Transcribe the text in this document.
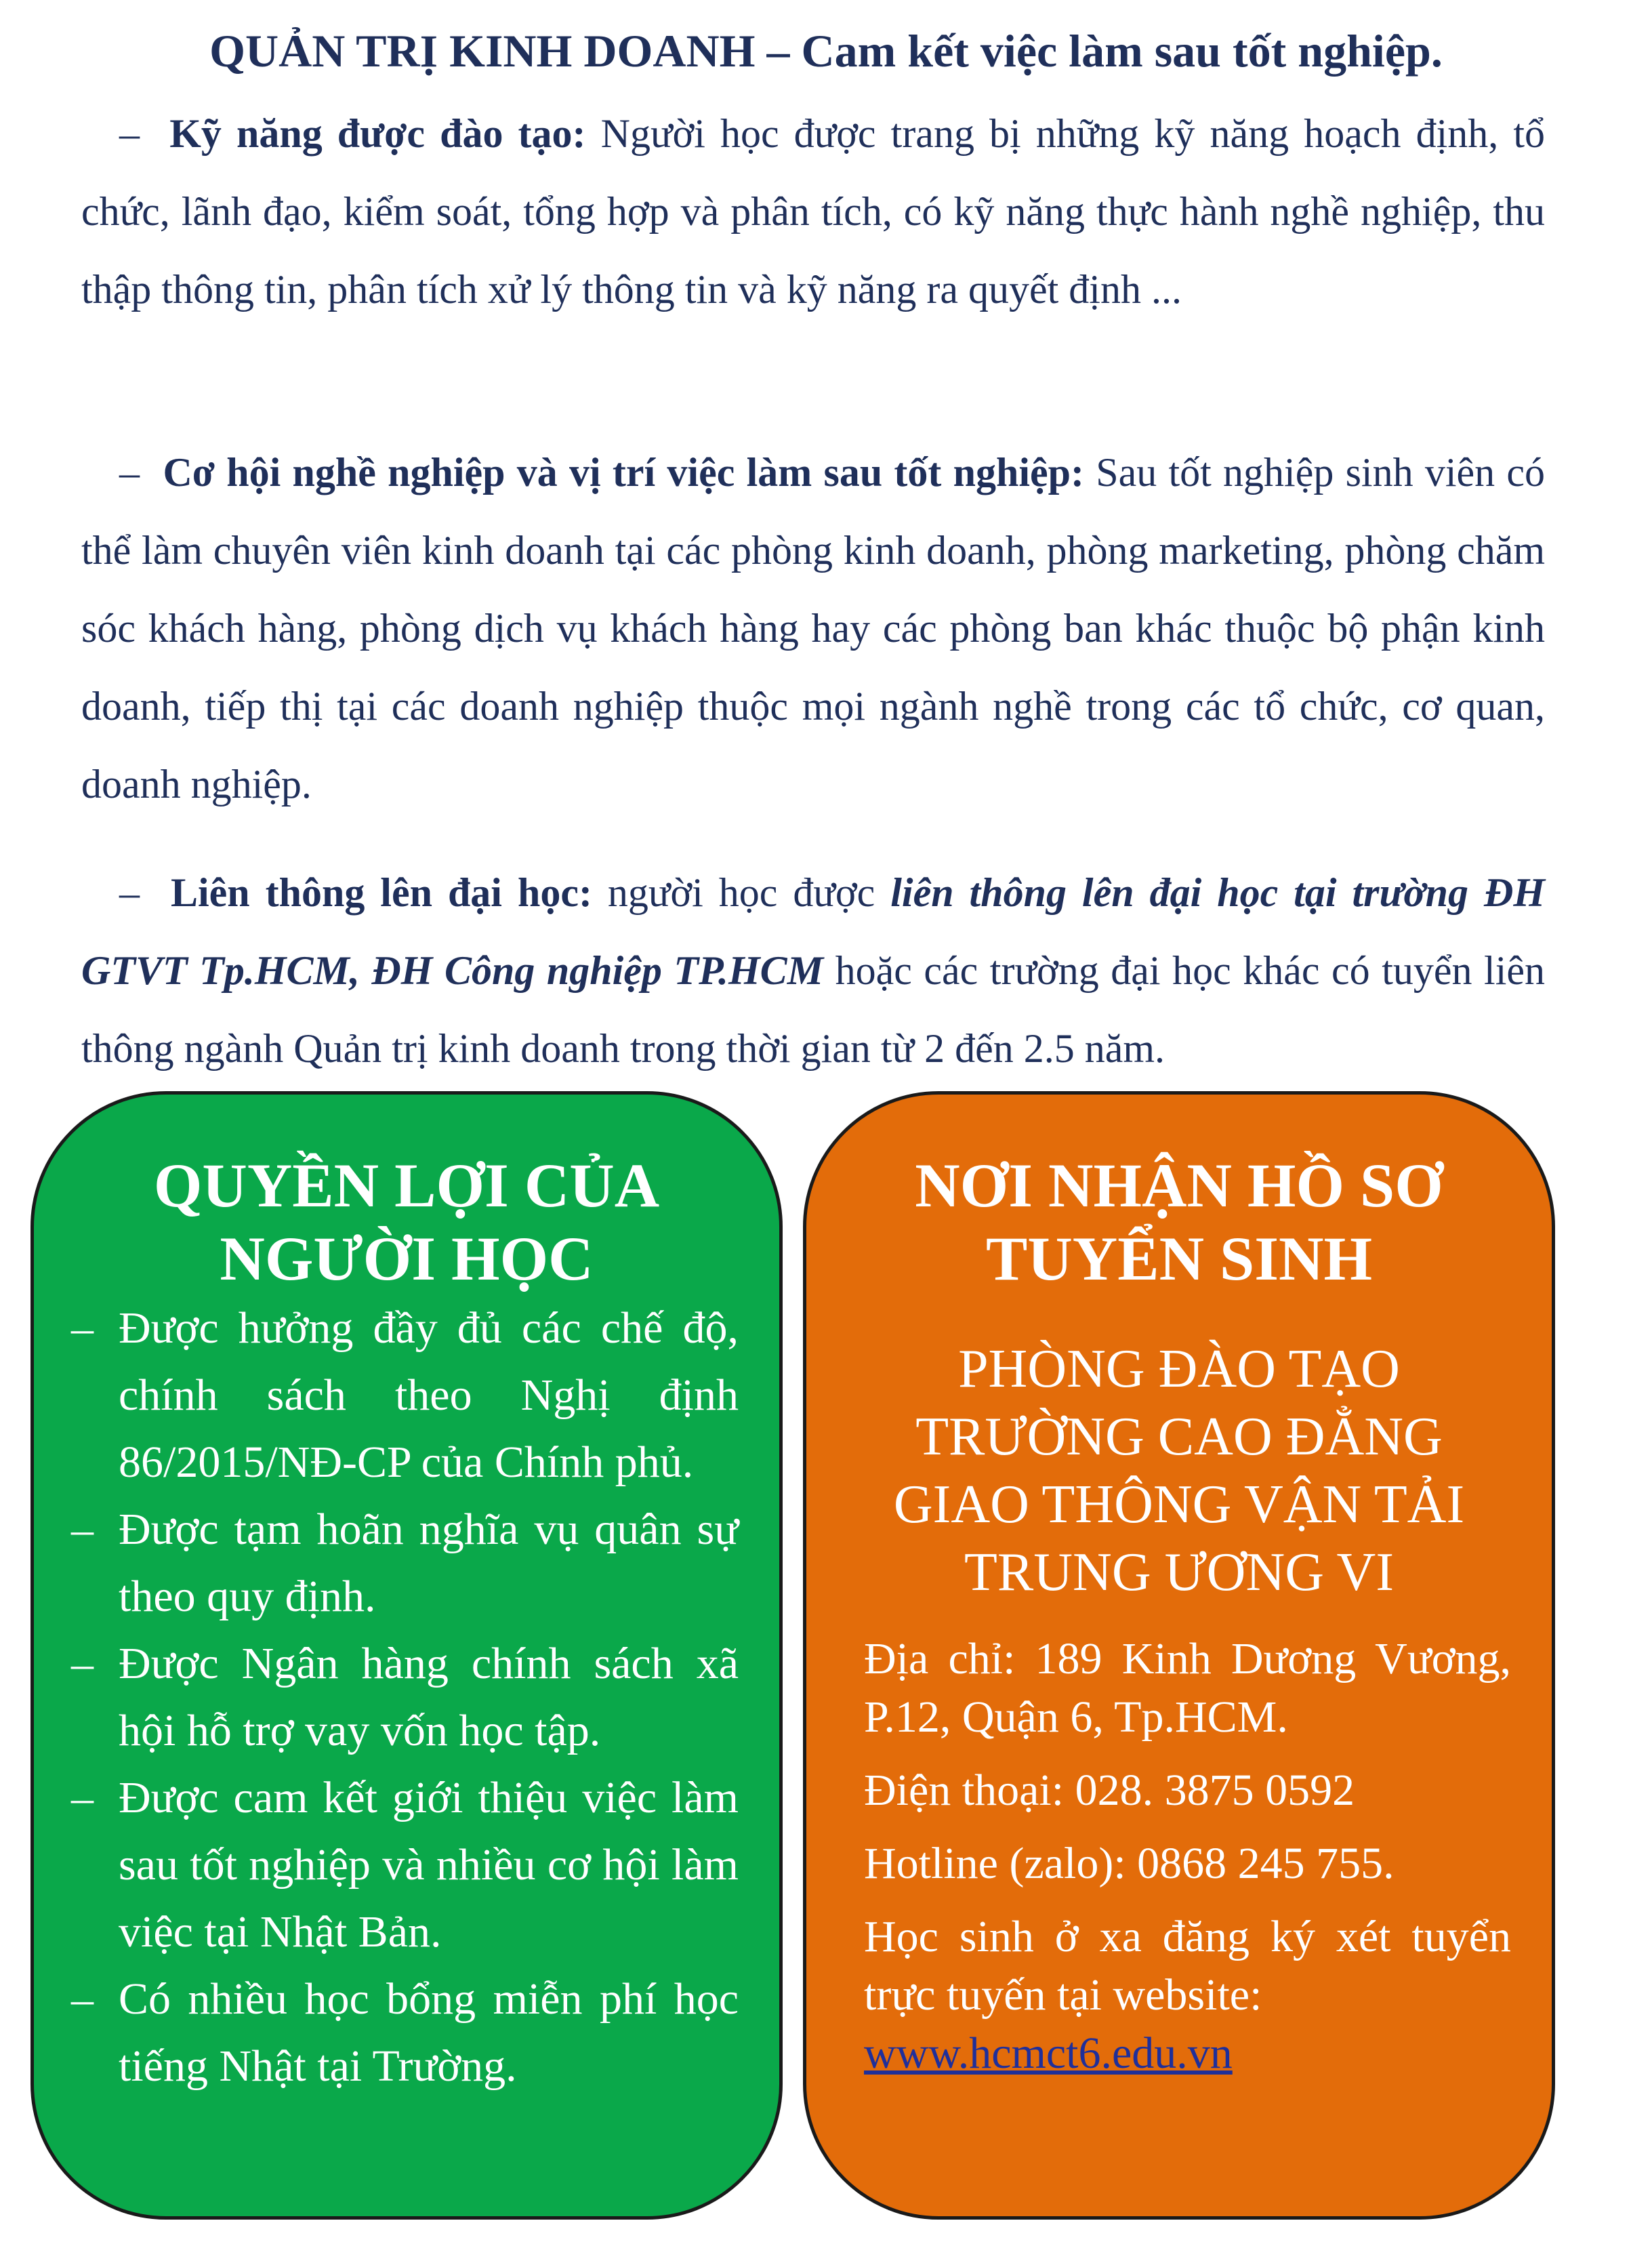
QUẢN TRỊ KINH DOANH – Cam kết việc làm sau tốt nghiệp.
– Kỹ năng được đào tạo: Người học được trang bị những kỹ năng hoạch định, tổ chức, lãnh đạo, kiểm soát, tổng hợp và phân tích, có kỹ năng thực hành nghề nghiệp, thu thập thông tin, phân tích xử lý thông tin và kỹ năng ra quyết định ...
– Cơ hội nghề nghiệp và vị trí việc làm sau tốt nghiệp: Sau tốt nghiệp sinh viên có thể làm chuyên viên kinh doanh tại các phòng kinh doanh, phòng marketing, phòng chăm sóc khách hàng, phòng dịch vụ khách hàng hay các phòng ban khác thuộc bộ phận kinh doanh, tiếp thị tại các doanh nghiệp thuộc mọi ngành nghề trong các tổ chức, cơ quan, doanh nghiệp.
– Liên thông lên đại học: người học được liên thông lên đại học tại trường ĐH GTVT Tp.HCM, ĐH Công nghiệp TP.HCM hoặc các trường đại học khác có tuyển liên thông ngành Quản trị kinh doanh trong thời gian từ 2 đến 2.5 năm.
QUYỀN LỢI CỦA
NGƯỜI HỌC
– Được hưởng đầy đủ các chế độ, chính sách theo Nghị định 86/2015/NĐ-CP của Chính phủ.
– Được tạm hoãn nghĩa vụ quân sự theo quy định.
– Được Ngân hàng chính sách xã hội hỗ trợ vay vốn học tập.
– Được cam kết giới thiệu việc làm sau tốt nghiệp và nhiều cơ hội làm việc tại Nhật Bản.
– Có nhiều học bổng miễn phí học tiếng Nhật tại Trường.
NƠI NHẬN HỒ SƠ
TUYỂN SINH
PHÒNG ĐÀO TẠO
TRƯỜNG CAO ĐẲNG
GIAO THÔNG VẬN TẢI
TRUNG ƯƠNG VI

Địa chỉ: 189 Kinh Dương Vương, P.12, Quận 6, Tp.HCM.

Điện thoại: 028. 3875 0592

Hotline (zalo): 0868 245 755.

Học sinh ở xa đăng ký xét tuyển trực tuyến tại website:
www.hcmct6.edu.vn
